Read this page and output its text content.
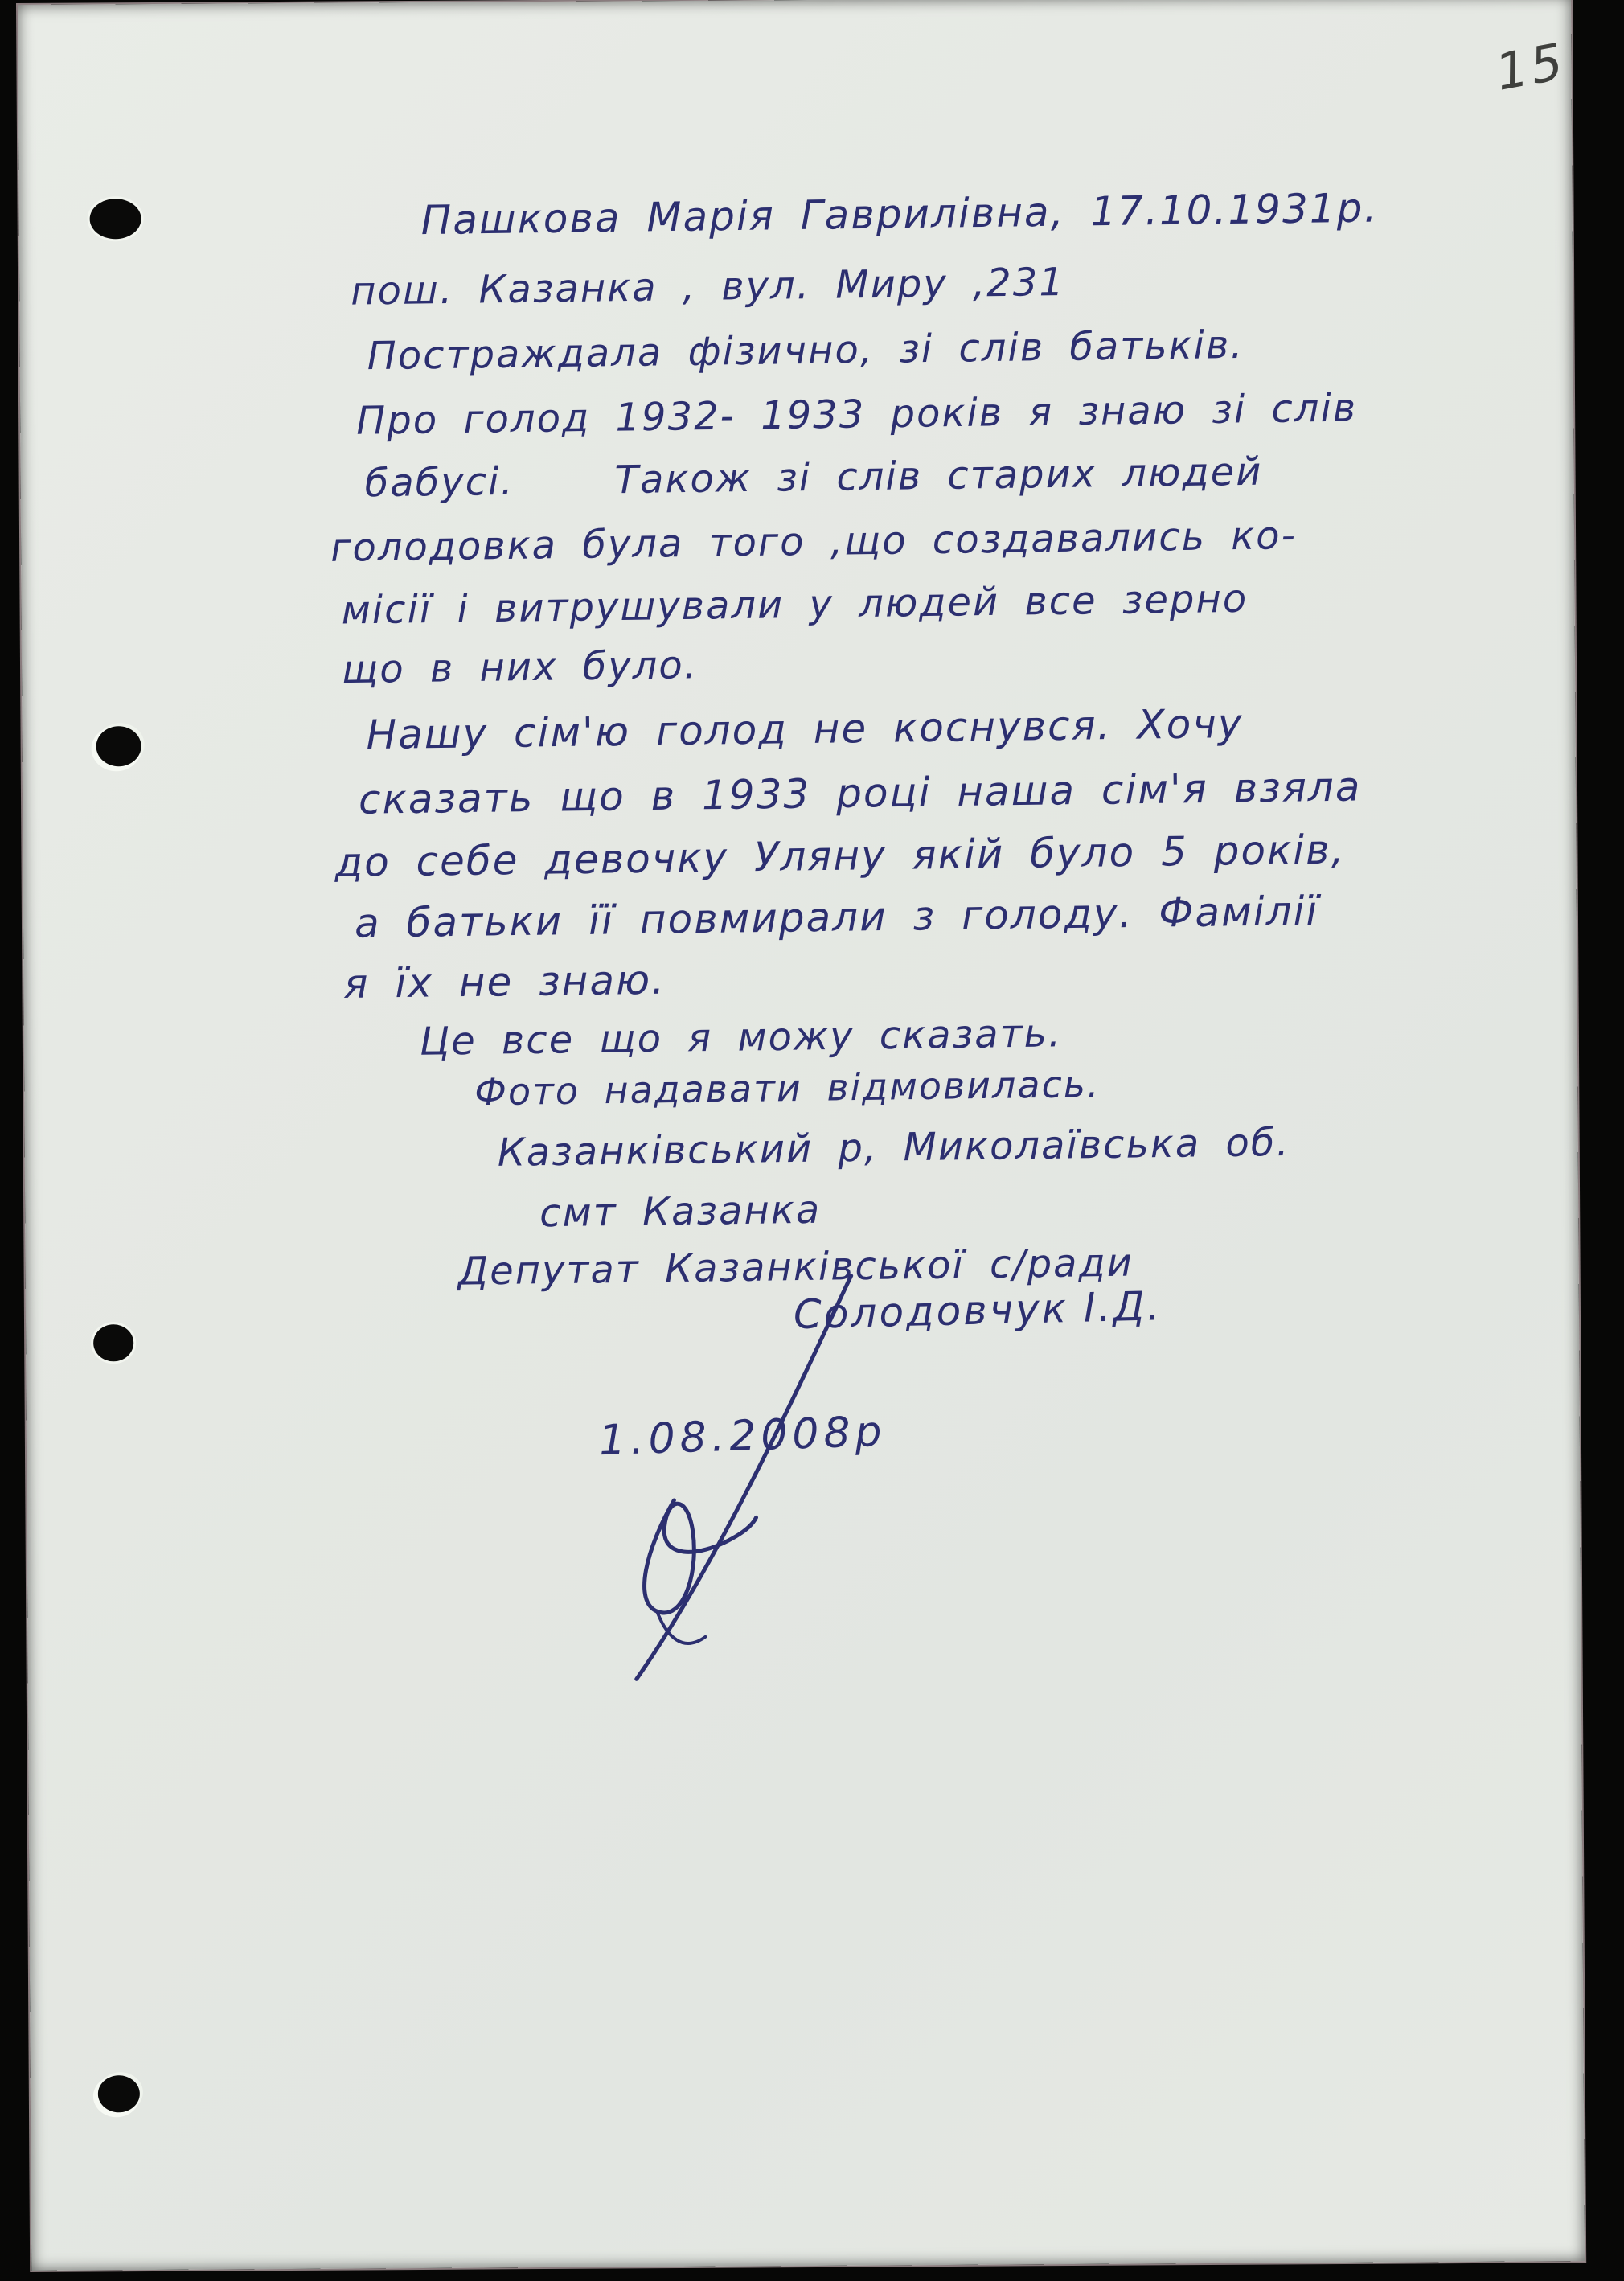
15
Пашкова Марія Гаврилівна, 17.10.1931р.
пош. Казанка , вул. Миру ,231
Постраждала фізично, зі слів батьків.
Про голод 1932- 1933 років я знаю зі слів
бабусі.    Також зі слів старих людей
голодовка була того ,що создавались ко-
місії і витрушували у людей все зерно
що в них було.
Нашу сім'ю голод не коснувся. Хочу
сказать що в 1933 році наша сім'я взяла
до себе девочку Уляну якій було 5 років,
а батьки її повмирали з голоду. Фамілії
я їх не знаю.
Це все що я можу сказать.
Фото надавати відмовилась.
Казанківський р, Миколаївська об.
смт Казанка
Депутат Казанківської с/ради
Солодовчук І.Д.
1.08.2008р
